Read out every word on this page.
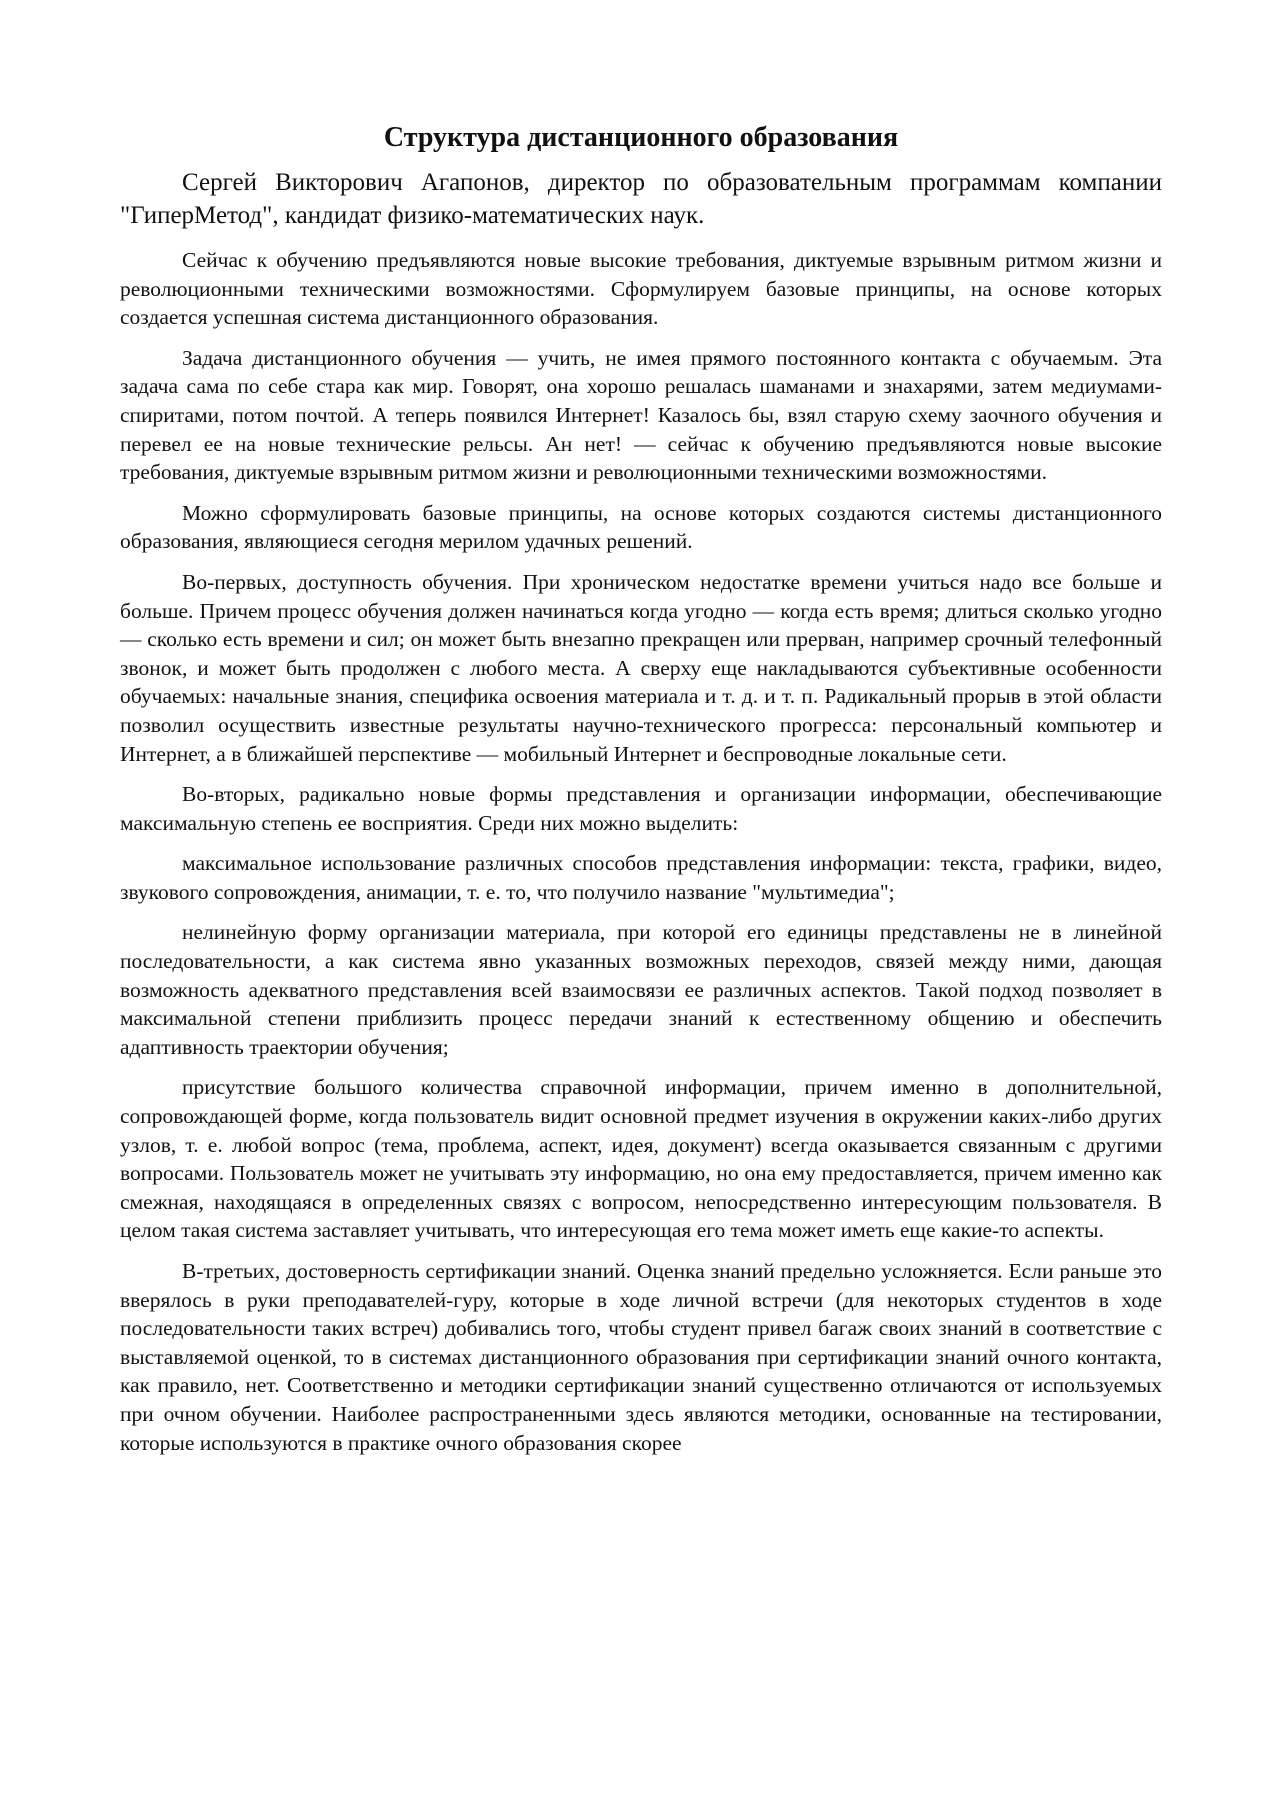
Структура дистанционного образования

Сергей Викторович Агапонов, директор по образовательным программам компании "ГиперМетод", кандидат физико-математических наук.

Сейчас к обучению предъявляются новые высокие требования, диктуемые взрывным ритмом жизни и революционными техническими возможностями. Сформулируем базовые принципы, на основе которых создается успешная система дистанционного образования.

Задача дистанционного обучения — учить, не имея прямого постоянного контакта с обучаемым. Эта задача сама по себе стара как мир. Говорят, она хорошо решалась шаманами и знахарями, затем медиумами-спиритами, потом почтой. А теперь появился Интернет! Казалось бы, взял старую схему заочного обучения и перевел ее на новые технические рельсы. Ан нет! — сейчас к обучению предъявляются новые высокие требования, диктуемые взрывным ритмом жизни и революционными техническими возможностями.

Можно сформулировать базовые принципы, на основе которых создаются системы дистанционного образования, являющиеся сегодня мерилом удачных решений.

Во-первых, доступность обучения. При хроническом недостатке времени учиться надо все больше и больше. Причем процесс обучения должен начинаться когда угодно — когда есть время; длиться сколько угодно — сколько есть времени и сил; он может быть внезапно прекращен или прерван, например срочный телефонный звонок, и может быть продолжен с любого места. А сверху еще накладываются субъективные особенности обучаемых: начальные знания, специфика освоения материала и т. д. и т. п. Радикальный прорыв в этой области позволил осуществить известные результаты научно-технического прогресса: персональный компьютер и Интернет, а в ближайшей перспективе — мобильный Интернет и беспроводные локальные сети.

Во-вторых, радикально новые формы представления и организации информации, обеспечивающие максимальную степень ее восприятия. Среди них можно выделить:

максимальное использование различных способов представления информации: текста, графики, видео, звукового сопровождения, анимации, т. е. то, что получило название "мультимедиа";

нелинейную форму организации материала, при которой его единицы представлены не в линейной последовательности, а как система явно указанных возможных переходов, связей между ними, дающая возможность адекватного представления всей взаимосвязи ее различных аспектов. Такой подход позволяет в максимальной степени приблизить процесс передачи знаний к естественному общению и обеспечить адаптивность траектории обучения;

присутствие большого количества справочной информации, причем именно в дополнительной, сопровождающей форме, когда пользователь видит основной предмет изучения в окружении каких-либо других узлов, т. е. любой вопрос (тема, проблема, аспект, идея, документ) всегда оказывается связанным с другими вопросами. Пользователь может не учитывать эту информацию, но она ему предоставляется, причем именно как смежная, находящаяся в определенных связях с вопросом, непосредственно интересующим пользователя. В целом такая система заставляет учитывать, что интересующая его тема может иметь еще какие-то аспекты.

В-третьих, достоверность сертификации знаний. Оценка знаний предельно усложняется. Если раньше это вверялось в руки преподавателей-гуру, которые в ходе личной встречи (для некоторых студентов в ходе последовательности таких встреч) добивались того, чтобы студент привел багаж своих знаний в соответствие с выставляемой оценкой, то в системах дистанционного образования при сертификации знаний очного контакта, как правило, нет. Соответственно и методики сертификации знаний существенно отличаются от используемых при очном обучении. Наиболее распространенными здесь являются методики, основанные на тестировании, которые используются в практике очного образования скорее
